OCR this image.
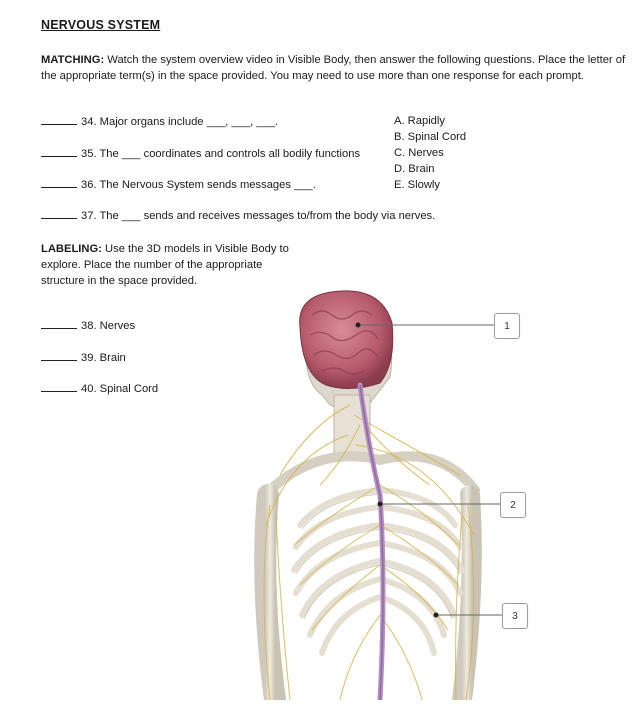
NERVOUS SYSTEM
MATCHING: Watch the system overview video in Visible Body, then answer the following questions. Place the letter of the appropriate term(s) in the space provided. You may need to use more than one response for each prompt.
34. Major organs include ___, ___, ___.
35. The ___ coordinates and controls all bodily functions
36. The Nervous System sends messages ___.
37. The ___ sends and receives messages to/from the body via nerves.
A. Rapidly
B. Spinal Cord
C. Nerves
D. Brain
E. Slowly
LABELING: Use the 3D models in Visible Body to explore. Place the number of the appropriate structure in the space provided.
38. Nerves
39. Brain
40. Spinal Cord
1
2
3
